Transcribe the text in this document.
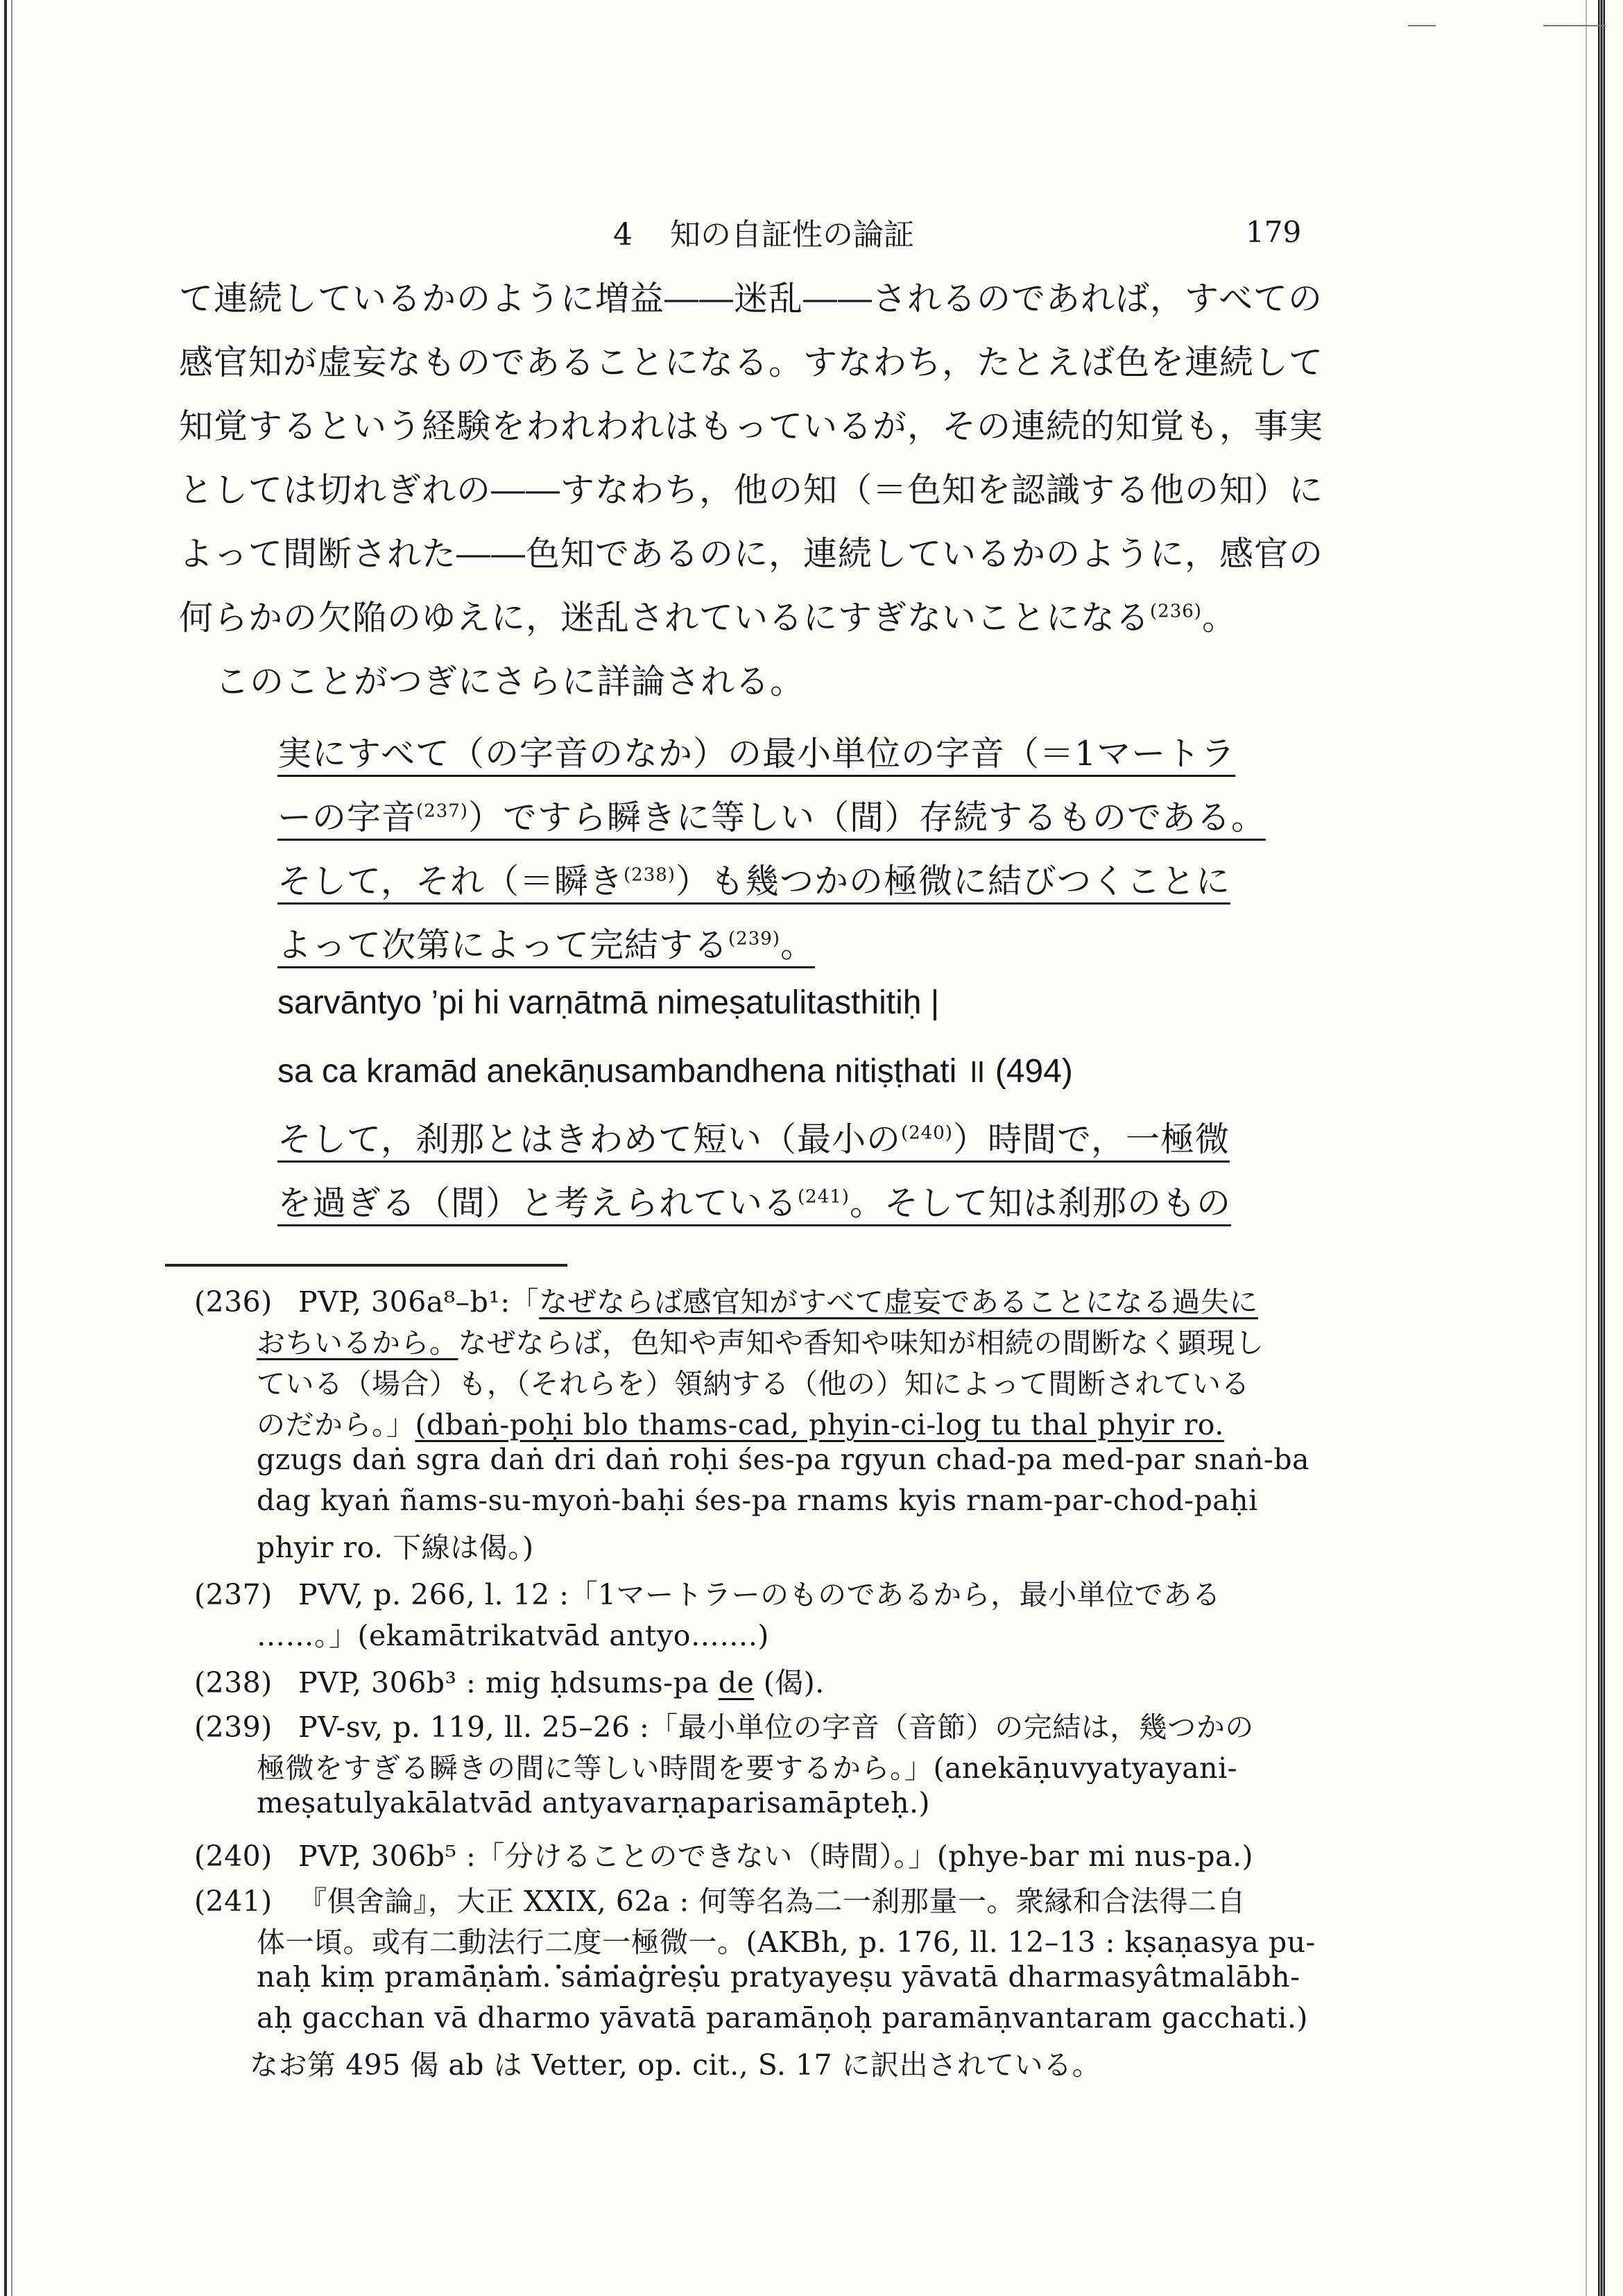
4 知の自証性の論証	179
て連続しているかのように増益――迷乱――されるのであれば，すべての
感官知が虚妄なものであることになる。すなわち，たとえば色を連続して
知覚するという経験をわれわれはもっているが，その連続的知覚も，事実
としては切れぎれの――すなわち，他の知（＝色知を認識する他の知）に
よって間断された――色知であるのに，連続しているかのように，感官の
何らかの欠陥のゆえに，迷乱されているにすぎないことになる$^{(236)}$。
このことがつぎにさらに詳論される。
実にすべて（の字音のなか）の最小単位の字音（＝1マートラ
ーの字音$^{(237)}$）ですら瞬きに等しい（間）存続するものである。
そして，それ（＝瞬き$^{(238)}$）も幾つかの極微に結びつくことに
よって次第によって完結する$^{(239)}$。
sarvāntyo ’pi hi varṇātmā nimeṣatulitasthitiḥ |
sa ca kramād anekāṇusambandhena nitiṣṭhati ॥ (494)
そして，刹那とはきわめて短い（最小の$^{(240)}$）時間で，一極微
を過ぎる（間）と考えられている$^{(241)}$。そして知は刹那のもの
(236) PVP, 306a⁸–b¹:「なぜならば感官知がすべて虚妄であることになる過失に
おちいるから。なぜならば，色知や声知や香知や味知が相続の間断なく顕現し
ている（場合）も，（それらを）領納する（他の）知によって間断されている
のだから。」(dbaṅ-poḥi blo thams-cad, phyin-ci-log tu thal phyir ro.
gzugs daṅ sgra daṅ dri daṅ roḥi śes-pa rgyun chad-pa med-par snaṅ-ba
dag kyaṅ ñams-su-myoṅ-baḥi śes-pa rnams kyis rnam-par-chod-paḥi
phyir ro. 下線は偈。)
(237) PVV, p. 266, l. 12 :「1マートラーのものであるから，最小単位である
……。」(ekamātrikatvād antyo…….)
(238) PVP, 306b³ : mig ḥdsums-pa de (偈).
(239) PV-sv, p. 119, ll. 25–26 :「最小単位の字音（音節）の完結は，幾つかの
極微をすぎる瞬きの間に等しい時間を要するから。」(anekāṇuvyatyayani-
meṣatulyakālatvād antyavarṇaparisamāpteḥ.)
(240) PVP, 306b⁵ :「分けることのできない（時間）。」(phye-bar mi nus-pa.)
(241) 『倶舍論』，大正 XXIX, 62a : 何等名為二一刹那量一。衆縁和合法得二自
体一頃。或有二動法行二度一極微一。(AKBh, p. 176, ll. 12–13 : kṣaṇasya pu-
naḥ kiṃ pramāṇam. samagreṣu pratyayeṣu yāvatā dharmasyâtmalābh-
aḥ gacchan vā dharmo yāvatā paramāṇoḥ paramāṇvantaram gacchati.)
なお第 495 偈 ab は Vetter, op. cit., S. 17 に訳出されている。
